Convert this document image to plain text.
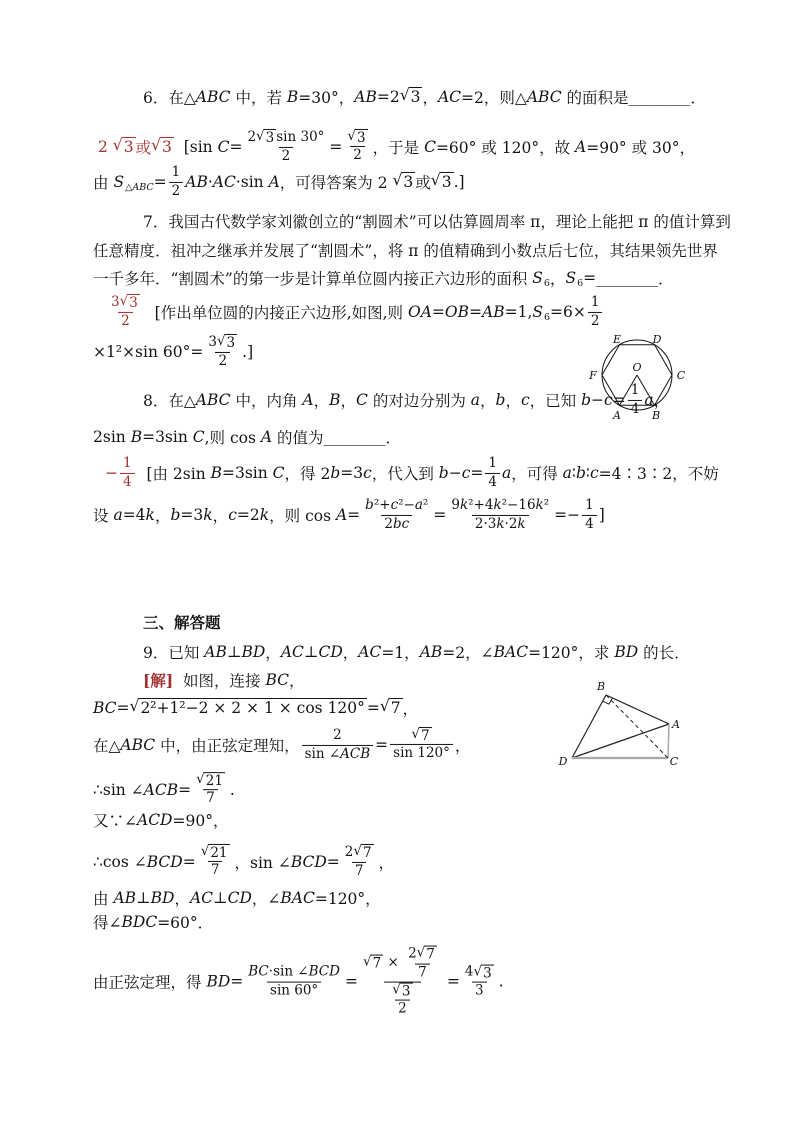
6．在△ ABC 中，若 B =30°， AB =2 √ 3 ， AC =2，则△ ABC 的面积是 ________ ．
2 √ 3 或 √ 3 [sin $C = \frac{2 √ 3 \sin 30^\circ}{2} = \frac{√ 3}{2}$ ，于是 C =60° 或 120°，故 A =90° 或 30°，
由 S △ABC = $\frac{1}{2}$ AB · AC ·sin A ，可得答案为 2 √ 3 或 √ 3 .]
7．我国古代数学家刘徽创立的“割圆术”可以估算圆周率 π，理论上能把 π 的值计算到
任意精度．祖冲之继承并发展了“割圆术”，将 π 的值精确到小数点后七位，其结果领先世界
一千多年．“割圆术”的第一步是计算单位圆内接正六边形的面积 S 6 ， S 6 = ________ ．
$\frac{3 √ 3}{2}$ [作出单位圆的内接正六边形,如图,则 OA = OB = AB =1, S $6 =6\times \frac{1}{2}$
×1²×sin $60^\circ= \frac{3 √ 3}{2}$ .]
O
E	D
F	C
A	B
8．在△ ABC 中，内角 A ， B ， C 的对边分别为 a ， b ， c ，已知 $b - c = \frac{1}{4}$ a ，
2sin B =3sin C ,则 cos A 的值为 ________ ．
− $\frac{1}{4}$ [由 2sin B =3sin C ，得 2 b =3 c ，代入到 $b - c = \frac{1}{4}$ a ，可得 a ∶ b ∶ c =4∶3∶2，不妨
设 a =4 k ， b =3 k ， c =2 k ，则 $\cos A = \frac{\text{b ²+ c ²− a ²}}{2 bc} = \frac{\text{9 k ²+4 k ²−16 k ²}}{2\cdot 3 k \cdot 2 k} =- \frac{1}{4}$ ]
三、解答题
9．已知 AB ⊥ BD ， AC ⊥ CD ， AC =1， AB =2，∠ BAC =120°，求 BD 的长．
[解] 如图，连接 BC ，
BC = √ 2²+1²−2 × 2 × 1 × cos 120° = √ 7 ，
在△ ABC 中，由正弦定理知， $\frac{2}{\text{sin ∠ ACB}} = \frac{√ 7}{\sin 120^\circ}$ ，
∴sin ∠ ACB = $\frac{√ 21}{7}$ .
又∵∠ ACD =90°，
∴cos ∠ BCD = $\frac{√ 21}{7}$ ，sin ∠ BCD = $\frac{2 √ 7}{7}$ ，
由 AB ⊥ BD ， AC ⊥ CD ，∠ BAC =120°，
得∠ BDC =60°．
由正弦定理，得 BD = $\frac{\text{BC ·sin ∠ BCD}}{\sin 60^\circ} = \frac{√ 7 \times \frac{2 √ 7}{7}}{\frac{√ 3}{2}} = \frac{4 √ 3}{3}$ .
B
A
C
D
